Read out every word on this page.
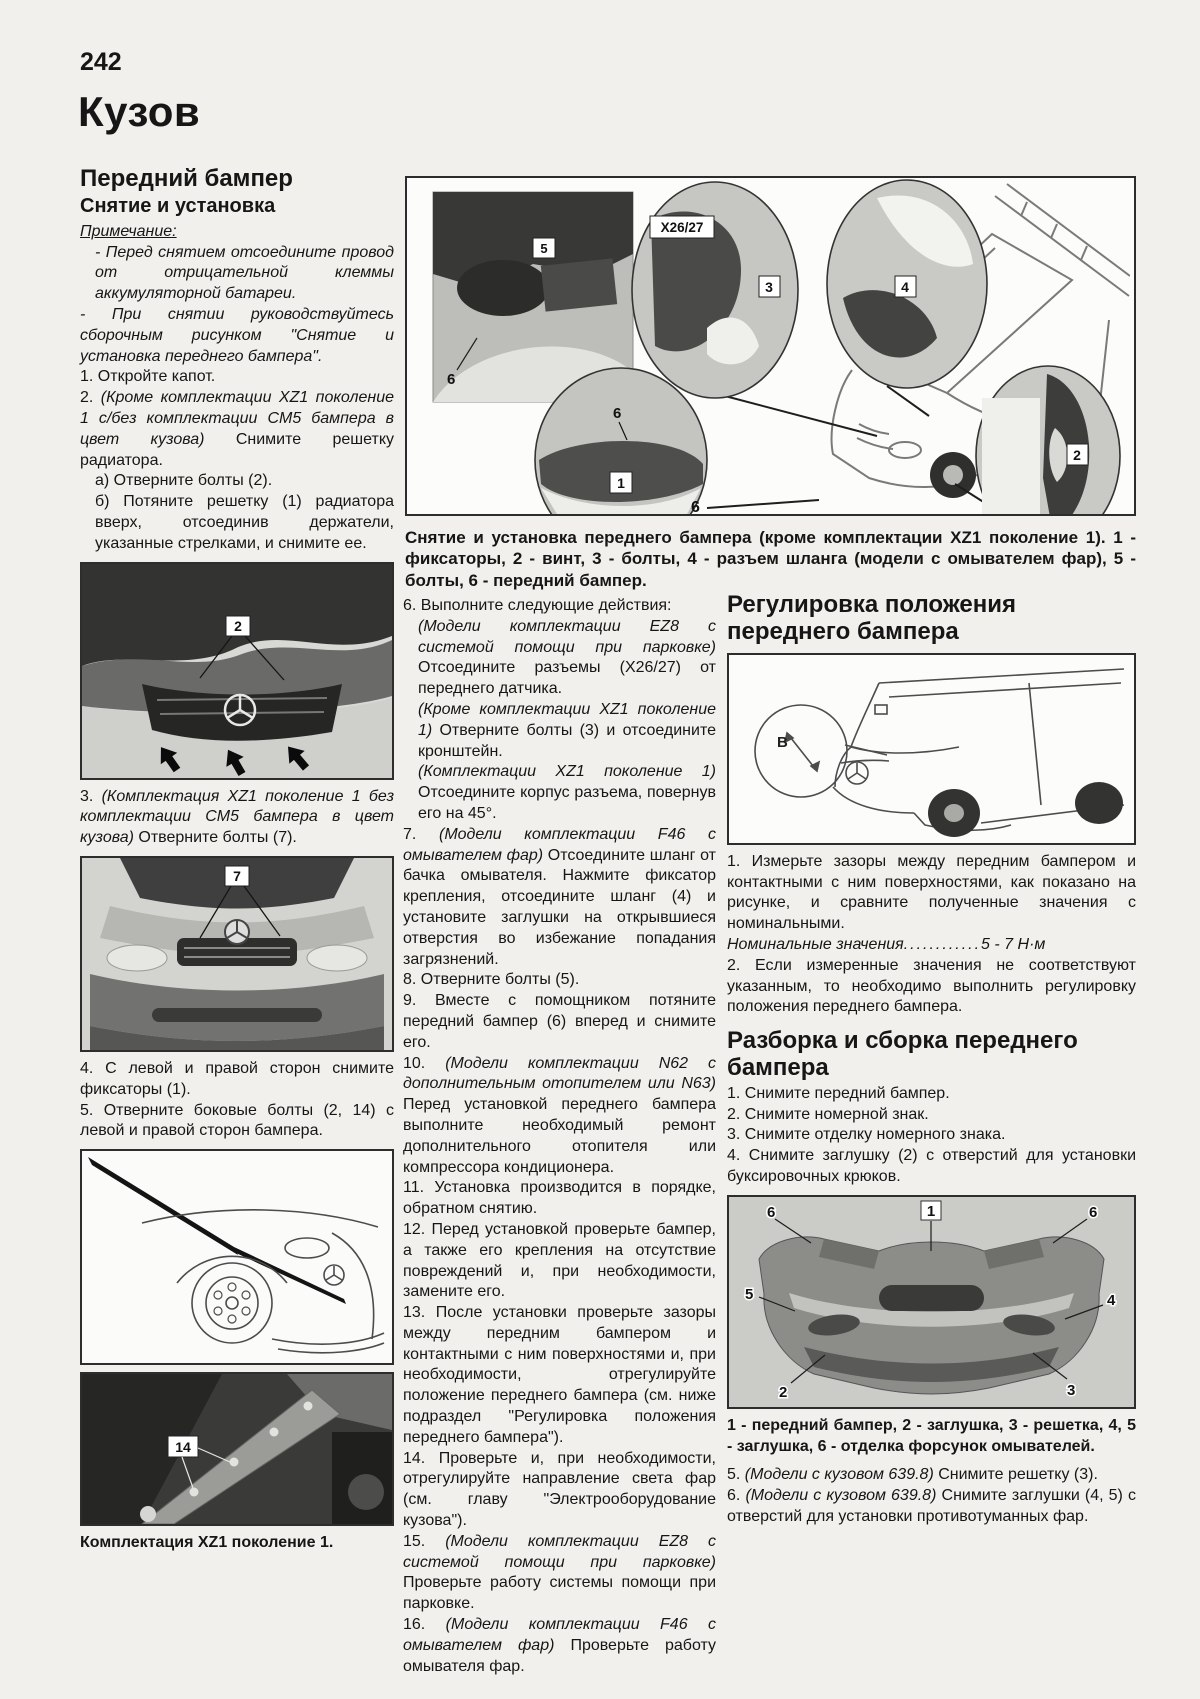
242
Кузов
Передний бампер
Снятие и установка

Примечание:

- Перед снятием отсоедините провод от отрицательной клеммы аккумуляторной батареи.

- При снятии руководствуйтесь сборочным рисунком "Снятие и установка переднего бампера".

1. Откройте капот.

2. (Кроме комплектации XZ1 поколение 1 с/без комплектации CM5 бампера в цвет кузова) Снимите решетку радиатора.

а) Отверните болты (2).

б) Потяните решетку (1) радиатора вверх, отсоединив держатели, указанные стрелками, и снимите ее.

2

3. (Комплектация XZ1 поколение 1 без комплектации CM5 бампера в цвет кузова) Отверните болты (7).

7

4. С левой и правой сторон снимите фиксаторы (1).

5. Отверните боковые болты (2, 14) с левой и правой сторон бампера.

14

Комплектация XZ1 поколение 1.

5
6
X26/27
3	4
6
1
2
6
Снятие и установка переднего бампера (кроме комплектации XZ1 поколение 1). 1 - фиксаторы, 2 - винт, 3 - болты, 4 - разъем шланга (модели с омывателем фар), 5 - болты, 6 - передний бампер.

6. Выполните следующие действия:

(Модели комплектации EZ8 с системой помощи при парковке) Отсоедините разъемы (X26/27) от переднего датчика.

(Кроме комплектации XZ1 поколение 1) Отверните болты (3) и отсоедините кронштейн.

(Комплектации XZ1 поколение 1) Отсоедините корпус разъема, повернув его на 45°.

7. (Модели комплектации F46 с омывателем фар) Отсоедините шланг от бачка омывателя. Нажмите фиксатор крепления, отсоедините шланг (4) и установите заглушки на открывшиеся отверстия во избежание попадания загрязнений.

8. Отверните болты (5).

9. Вместе с помощником потяните передний бампер (6) вперед и снимите его.

10. (Модели комплектации N62 с дополнительным отопителем или N63) Перед установкой переднего бампера выполните необходимый ремонт дополнительного отопителя или компрессора кондиционера.

11. Установка производится в порядке, обратном снятию.

12. Перед установкой проверьте бампер, а также его крепления на отсутствие повреждений и, при необходимости, замените его.

13. После установки проверьте зазоры между передним бампером и контактными с ним поверхностями и, при необходимости, отрегулируйте положение переднего бампера (см. ниже подраздел "Регулировка положения переднего бампера").

14. Проверьте и, при необходимости, отрегулируйте направление света фар (см. главу "Электрооборудование кузова").

15. (Модели комплектации EZ8 с системой помощи при парковке) Проверьте работу системы помощи при парковке.

16. (Модели комплектации F46 с омывателем фар) Проверьте работу омывателя фар.

Регулировка положения переднего бампера
В

1. Измерьте зазоры между передним бампером и контактными с ним поверхностями, как показано на рисунке, и сравните полученные значения с номинальными.

Номинальные значения ............ 5 - 7 Н·м

2. Если измеренные значения не соответствуют указанным, то необходимо выполнить регулировку положения переднего бампера.

Разборка и сборка переднего бампера

1. Снимите передний бампер.

2. Снимите номерной знак.

3. Снимите отделку номерного знака.

4. Снимите заглушку (2) с отверстий для установки буксировочных крюков.

1
6	6
5
2
4
3

1 - передний бампер, 2 - заглушка, 3 - решетка, 4, 5 - заглушка, 6 - отделка форсунок омывателей.

5. (Модели с кузовом 639.8) Снимите решетку (3).

6. (Модели с кузовом 639.8) Снимите заглушки (4, 5) с отверстий для установки противотуманных фар.
